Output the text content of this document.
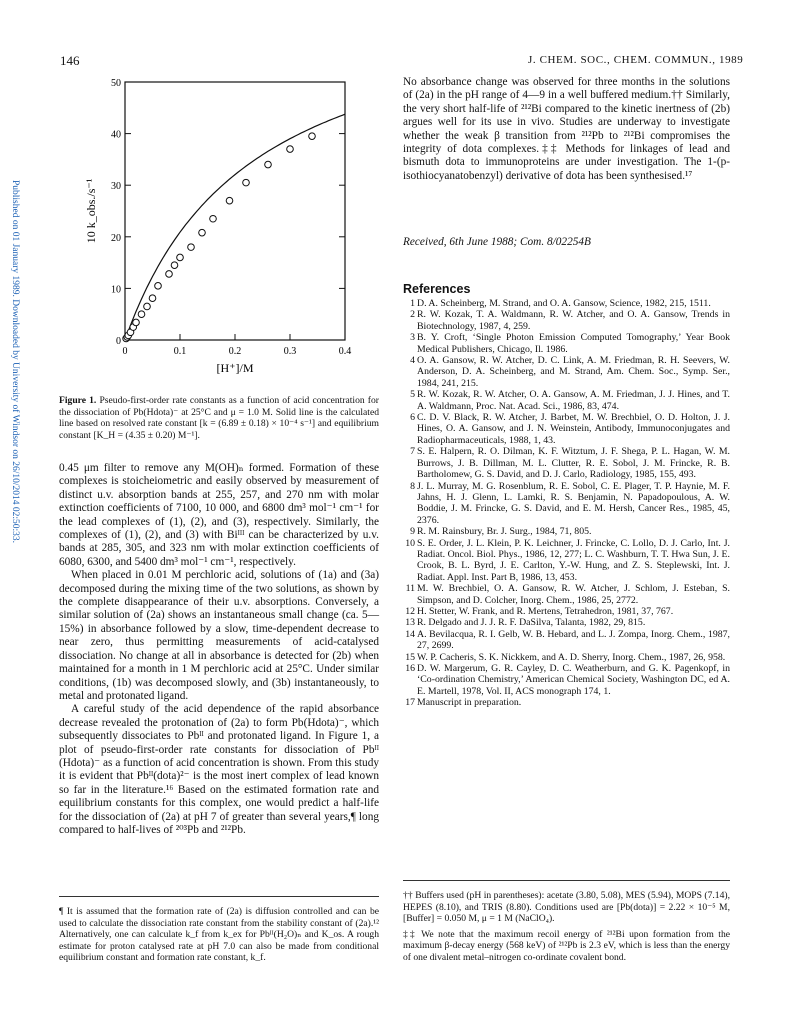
146	J. CHEM. SOC., CHEM. COMMUN., 1989
Published on 01 January 1989. Downloaded by University of Windsor on 26/10/2014 02:50:33.	0	0.1	0.2	0.3	0.4
0
10
20
30
40
50
[H⁺]/M
10 k_obs./s⁻¹
Figure 1. Pseudo-first-order rate constants as a function of acid concentration for the dissociation of Pb(Hdota)⁻ at 25°C and μ = 1.0 M. Solid line is the calculated line based on resolved rate constant [k = (6.89 ± 0.18) × 10⁻⁴ s⁻¹] and equilibrium constant [K_H = (4.35 ± 0.20) M⁻¹].

0.45 μm filter to remove any M(OH)ₙ formed. Formation of these complexes is stoicheiometric and easily observed by measurement of distinct u.v. absorption bands at 255, 257, and 270 nm with molar extinction coefficients of 7100, 10 000, and 6800 dm³ mol⁻¹ cm⁻¹ for the lead complexes of (1), (2), and (3), respectively. Similarly, the complexes of (1), (2), and (3) with Biᴵᴵᴵ can be characterized by u.v. bands at 285, 305, and 323 nm with molar extinction coefficients of 6080, 6300, and 5400 dm³ mol⁻¹ cm⁻¹, respectively.

When placed in 0.01 M perchloric acid, solutions of (1a) and (3a) decomposed during the mixing time of the two solutions, as shown by the complete disappearance of their u.v. absorptions. Conversely, a similar solution of (2a) shows an instantaneous small change (ca. 5—15%) in absorbance followed by a slow, time-dependent decrease to near zero, thus permitting measurements of acid-catalysed dissociation. No change at all in absorbance is detected for (2b) when maintained for a month in 1 M perchloric acid at 25°C. Under similar conditions, (1b) was decomposed slowly, and (3b) instantaneously, to metal and protonated ligand.

A careful study of the acid dependence of the rapid absorbance decrease revealed the protonation of (2a) to form Pb(Hdota)⁻, which subsequently dissociates to Pbᴵᴵ and protonated ligand. In Figure 1, a plot of pseudo-first-order rate constants for dissociation of Pbᴵᴵ (Hdota)⁻ as a function of acid concentration is shown. From this study it is evident that Pbᴵᴵ(dota)²⁻ is the most inert complex of lead known so far in the literature.¹⁶ Based on the estimated formation rate and equilibrium constants for this complex, one would predict a half-life for the dissociation of (2a) at pH 7 of greater than several years,¶ long compared to half-lives of ²⁰³Pb and ²¹²Pb.

¶ It is assumed that the formation rate of (2a) is diffusion controlled and can be used to calculate the dissociation rate constant from the stability constant of (2a).¹² Alternatively, one can calculate k_f from k_ex for Pbᴵᴵ(H₂O)ₙ and K_os. A rough estimate for proton catalysed rate at pH 7.0 can also be made from conditional equilibrium constant and formation rate constant, k_f.

No absorbance change was observed for three months in the solutions of (2a) in the pH range of 4—9 in a well buffered medium.†† Similarly, the very short half-life of ²¹²Bi compared to the kinetic inertness of (2b) argues well for its use in vivo. Studies are underway to investigate whether the weak β transition from ²¹²Pb to ²¹²Bi compromises the integrity of dota complexes.‡‡ Methods for linkages of lead and bismuth dota to immunoproteins are under investigation. The 1-(p-isothiocyanatobenzyl) derivative of dota has been synthesised.¹⁷

Received, 6th June 1988; Com. 8/02254B
References
1 D. A. Scheinberg, M. Strand, and O. A. Gansow, Science, 1982, 215, 1511.
2 R. W. Kozak, T. A. Waldmann, R. W. Atcher, and O. A. Gansow, Trends in Biotechnology, 1987, 4, 259.
3 B. Y. Croft, ‘Single Photon Emission Computed Tomography,’ Year Book Medical Publishers, Chicago, Il. 1986.
4 O. A. Gansow, R. W. Atcher, D. C. Link, A. M. Friedman, R. H. Seevers, W. Anderson, D. A. Scheinberg, and M. Strand, Am. Chem. Soc., Symp. Ser., 1984, 241, 215.
5 R. W. Kozak, R. W. Atcher, O. A. Gansow, A. M. Friedman, J. J. Hines, and T. A. Waldmann, Proc. Nat. Acad. Sci., 1986, 83, 474.
6 C. D. V. Black, R. W. Atcher, J. Barbet, M. W. Brechbiel, O. D. Holton, J. J. Hines, O. A. Gansow, and J. N. Weinstein, Antibody, Immunoconjugates and Radiopharmaceuticals, 1988, 1, 43.
7 S. E. Halpern, R. O. Dilman, K. F. Witztum, J. F. Shega, P. L. Hagan, W. M. Burrows, J. B. Dillman, M. L. Clutter, R. E. Sobol, J. M. Frincke, R. B. Bartholomew, G. S. David, and D. J. Carlo, Radiology, 1985, 155, 493.
8 J. L. Murray, M. G. Rosenblum, R. E. Sobol, C. E. Plager, T. P. Haynie, M. F. Jahns, H. J. Glenn, L. Lamki, R. S. Benjamin, N. Papadopoulous, A. W. Boddie, J. M. Frincke, G. S. David, and E. M. Hersh, Cancer Res., 1985, 45, 2376.
9 R. M. Rainsbury, Br. J. Surg., 1984, 71, 805.
10 S. E. Order, J. L. Klein, P. K. Leichner, J. Frincke, C. Lollo, D. J. Carlo, Int. J. Radiat. Oncol. Biol. Phys., 1986, 12, 277; L. C. Washburn, T. T. Hwa Sun, J. E. Crook, B. L. Byrd, J. E. Carlton, Y.-W. Hung, and Z. S. Steplewski, Int. J. Radiat. Appl. Inst. Part B, 1986, 13, 453.
11 M. W. Brechbiel, O. A. Gansow, R. W. Atcher, J. Schlom, J. Esteban, S. Simpson, and D. Colcher, Inorg. Chem., 1986, 25, 2772.
12 H. Stetter, W. Frank, and R. Mertens, Tetrahedron, 1981, 37, 767.
13 R. Delgado and J. J. R. F. DaSilva, Talanta, 1982, 29, 815.
14 A. Bevilacqua, R. I. Gelb, W. B. Hebard, and L. J. Zompa, Inorg. Chem., 1987, 27, 2699.
15 W. P. Cacheris, S. K. Nickkem, and A. D. Sherry, Inorg. Chem., 1987, 26, 958.
16 D. W. Margerum, G. R. Cayley, D. C. Weatherburn, and G. K. Pagenkopf, in ‘Co-ordination Chemistry,’ American Chemical Society, Washington DC, ed A. E. Martell, 1978, Vol. II, ACS monograph 174, 1.
17 Manuscript in preparation.

†† Buffers used (pH in parentheses): acetate (3.80, 5.08), MES (5.94), MOPS (7.14), HEPES (8.10), and TRIS (8.80). Conditions used are [Pb(dota)] = 2.22 × 10⁻⁵ M, [Buffer] = 0.050 M, μ = 1 M (NaClO₄).

‡‡ We note that the maximum recoil energy of ²¹²Bi upon formation from the maximum β-decay energy (568 keV) of ²¹²Pb is 2.3 eV, which is less than the energy of one divalent metal–nitrogen co-ordinate covalent bond.
